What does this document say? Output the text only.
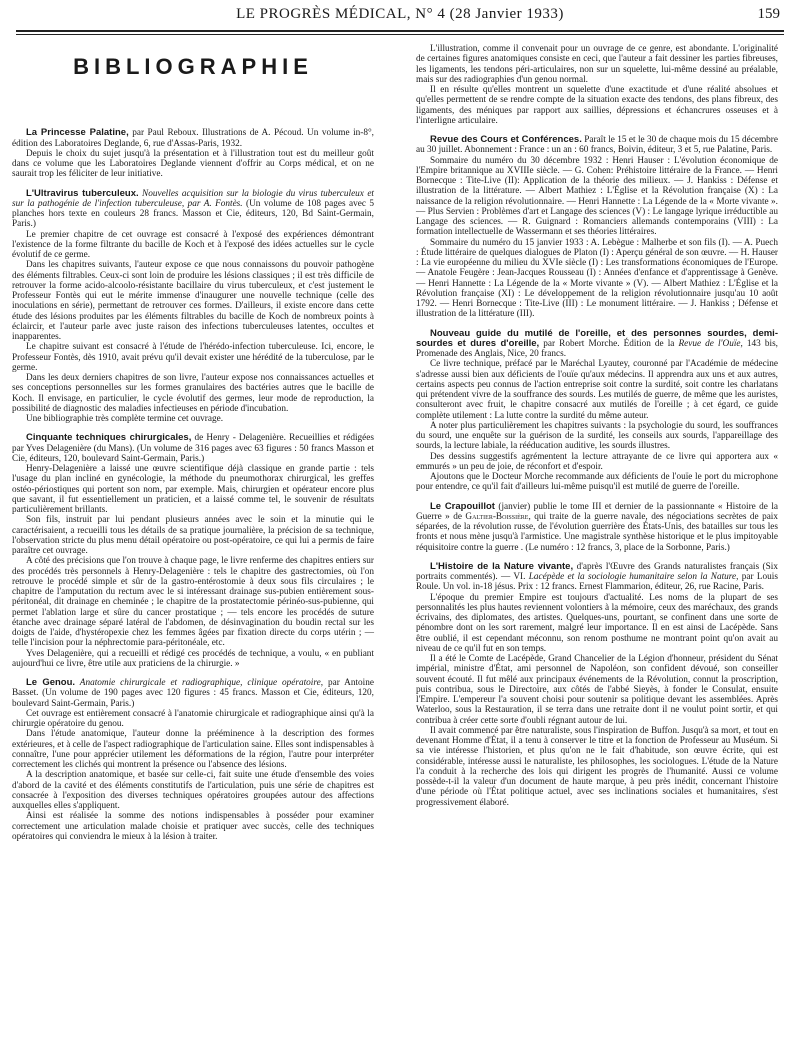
LE PROGRÈS MÉDICAL, N° 4 (28 Janvier 1933)	159
BIBLIOGRAPHIE

La Princesse Palatine, par Paul Reboux. Illustrations de A. Pécoud. Un volume in-8°, édition des Laboratoires Deglande, 6, rue d'Assas-Paris, 1932.

Depuis le choix du sujet jusqu'à la présentation et à l'illustration tout est du meilleur goût dans ce volume que les Laboratoires Deglande viennent d'offrir au Corps médical, et on ne saurait trop les féliciter de leur initiative.

L'Ultravirus tuberculeux. Nouvelles acquisition sur la biologie du virus tuberculeux et sur la pathogénie de l'infection tuberculeuse, par A. Fontès. (Un volume de 108 pages avec 5 planches hors texte en couleurs 28 francs. Masson et Cie, éditeurs, 120, Bd Saint-Germain, Paris.)

Le premier chapitre de cet ouvrage est consacré à l'exposé des expériences démontrant l'existence de la forme filtrante du bacille de Koch et à l'exposé des idées actuelles sur le cycle évolutif de ce germe.

Dans les chapitres suivants, l'auteur expose ce que nous connaissons du pouvoir pathogène des éléments filtrables. Ceux-ci sont loin de produire les lésions classiques ; il est très difficile de retrouver la forme acido-alcoolo-résistante bacillaire du virus tuberculeux, et c'est justement le Professeur Fontès qui eut le mérite immense d'inaugurer une nouvelle technique (celle des inoculations en série), permettant de retrouver ces formes. D'ailleurs, il existe encore dans cette étude des lésions produites par les éléments filtrables du bacille de Koch de nombreux points à éclaircir, et l'auteur parle avec juste raison des infections tuberculeuses latentes, occultes et inapparentes.

Le chapitre suivant est consacré à l'étude de l'hérédo-infection tuberculeuse. Ici, encore, le Professeur Fontès, dès 1910, avait prévu qu'il devait exister une hérédité de la tuberculose, par le germe.

Dans les deux derniers chapitres de son livre, l'auteur expose nos connaissances actuelles et ses conceptions personnelles sur les formes granulaires des bactéries autres que le bacille de Koch. Il envisage, en particulier, le cycle évolutif des germes, leur mode de reproduction, la possibilité de diagnostic des maladies infectieuses en période d'incubation.

Une bibliographie très complète termine cet ouvrage.

Cinquante techniques chirurgicales, de Henry - Delagenière. Recueillies et rédigées par Yves Delagenière (du Mans). (Un volume de 316 pages avec 63 figures : 50 francs Masson et Cie, éditeurs, 120, boulevard Saint-Germain, Paris.)

Henry-Delagenière a laissé une œuvre scientifique déjà classique en grande partie : tels l'usage du plan incliné en gynécologie, la méthode du pneumothorax chirurgical, les greffes ostéo-périostiques qui portent son nom, par exemple. Mais, chirurgien et opérateur encore plus que savant, il fut essentiellement un praticien, et a laissé comme tel, le souvenir de résultats particulièrement brillants.

Son fils, instruit par lui pendant plusieurs années avec le soin et la minutie qui le caractérisaient, a recueilli tous les détails de sa pratique journalière, la précision de sa technique, l'observation stricte du plus menu détail opératoire ou post-opératoire, ce qui lui a permis de faire paraître cet ouvrage.

A côté des précisions que l'on trouve à chaque page, le livre renferme des chapitres entiers sur des procédés très personnels à Henry-Delagenière : tels le chapitre des gastrectomies, où l'on retrouve le procédé simple et sûr de la gastro-entérostomie à deux sous fils circulaires ; le chapitre de l'amputation du rectum avec le si intéressant drainage sus-pubien entièrement sous-péritonéal, dit drainage en cheminée ; le chapitre de la prostatectomie périnéo-sus-pubienne, qui permet l'ablation large et sûre du cancer prostatique ; — tels encore les procédés de suture étanche avec drainage séparé latéral de l'abdomen, de désinvagination du boudin rectal sur les doigts de l'aide, d'hystéropexie chez les femmes âgées par fixation directe du corps utérin ; — telle l'incision pour la néphrectomie para-péritonéale, etc.

Yves Delagenière, qui a recueilli et rédigé ces procédés de technique, a voulu, « en publiant aujourd'hui ce livre, être utile aux praticiens de la chirurgie. »

Le Genou. Anatomie chirurgicale et radiographique, clinique opératoire, par Antoine Basset. (Un volume de 190 pages avec 120 figures : 45 francs. Masson et Cie, éditeurs, 120, boulevard Saint-Germain, Paris.)

Cet ouvrage est entièrement consacré à l'anatomie chirurgicale et radiographique ainsi qu'à la chirurgie opératoire du genou.

Dans l'étude anatomique, l'auteur donne la prééminence à la description des formes extérieures, et à celle de l'aspect radiographique de l'articulation saine. Elles sont indispensables à connaître, l'une pour apprécier utilement les déformations de la région, l'autre pour interpréter correctement les clichés qui montrent la présence ou l'absence des lésions.

A la description anatomique, et basée sur celle-ci, fait suite une étude d'ensemble des voies d'abord de la cavité et des éléments constitutifs de l'articulation, puis une série de chapitres est consacrée à l'exposition des diverses techniques opératoires groupées autour des affections auxquelles elles s'appliquent.

Ainsi est réalisée la somme des notions indispensables à posséder pour examiner correctement une articulation malade choisie et pratiquer avec succès, celle des techniques opératoires qui conviendra le mieux à la lésion à traiter.

L'illustration, comme il convenait pour un ouvrage de ce genre, est abondante. L'originalité de certaines figures anatomiques consiste en ceci, que l'auteur a fait dessiner les parties fibreuses, les ligaments, les tendons péri-articulaires, non sur un squelette, lui-même dessiné au préalable, mais sur des radiographies d'un genou normal.

Il en résulte qu'elles montrent un squelette d'une exactitude et d'une réalité absolues et qu'elles permettent de se rendre compte de la situation exacte des tendons, des plans fibreux, des ligaments, des méniques par rapport aux saillies, dépressions et échancrures osseuses et à l'interligne articulaire.

Revue des Cours et Conférences. Paraît le 15 et le 30 de chaque mois du 15 décembre au 30 juillet. Abonnement : France : un an : 60 francs, Boivin, éditeur, 3 et 5, rue Palatine, Paris.

Sommaire du numéro du 30 décembre 1932 : Henri Hauser : L'évolution économique de l'Empire britannique au XVIIIe siècle. — G. Cohen: Préhistoire littéraire de la France. — Henri Bornecque : Tite-Live (II): Application de la théorie des milieux. — J. Hankiss : Défense et illustration de la littérature. — Albert Mathiez : L'Église et la Révolution française (X) : La naissance de la religion révolutionnaire. — Henri Hannette : La Légende de la « Morte vivante ». — Plus Servien : Problèmes d'art et Langage des sciences (V) : Le langage lyrique irréductible au Langage des sciences. — R. Guignard : Romanciers allemands contemporains (VIII) : La formation intellectuelle de Wassermann et ses théories littéraires.

Sommaire du numéro du 15 janvier 1933 : A. Lebègue : Malherbe et son fils (I). — A. Puech : Étude littéraire de quelques dialogues de Platon (I) : Aperçu général de son œuvre. — H. Hauser : La vie européenne du milieu du XVIe siècle (I) : Les transformations économiques de l'Europe. — Anatole Feugère : Jean-Jacques Rousseau (I) : Années d'enfance et d'apprentissage à Genève. — Henri Hannette : La Légende de la « Morte vivante » (V). — Albert Mathiez : L'Église et la Révolution française (XI) : Le développement de la religion révolutionnaire jusqu'au 10 août 1792. — Henri Bornecque : Tite-Live (III) : Le monument littéraire. — J. Hankiss ; Défense et illustration de la littérature (III).

Nouveau guide du mutilé de l'oreille, et des personnes sourdes, demi-sourdes et dures d'oreille, par Robert Morche. Édition de la Revue de l'Ouïe, 143 bis, Promenade des Anglais, Nice, 20 francs.

Ce livre technique, préfacé par le Maréchal Lyautey, couronné par l'Académie de médecine s'adresse aussi bien aux déficients de l'ouïe qu'aux médecins. Il apprendra aux uns et aux autres, certains aspects peu connus de l'action entreprise soit contre la surdité, soit contre les charlatans qui prétendent vivre de la souffrance des sourds. Les mutilés de guerre, de même que les auristes, consulteront avec fruit, le chapitre consacré aux mutilés de l'oreille ; à cet égard, ce guide complète utilement : La lutte contre la surdité du même auteur.

A noter plus particulièrement les chapitres suivants : la psychologie du sourd, les souffrances du sourd, une enquête sur la guérison de la surdité, les conseils aux sourds, l'appareillage des sourds, la lecture labiale, la rééducation auditive, les sourds illustres.

Des dessins suggestifs agrémentent la lecture attrayante de ce livre qui apportera aux « emmurés » un peu de joie, de réconfort et d'espoir.

Ajoutons que le Docteur Morche recommande aux déficients de l'ouïe le port du microphone pour entendre, ce qu'il fait d'ailleurs lui-même puisqu'il est mutilé de guerre de l'oreille.

Le Crapouillot (janvier) publie le tome III et dernier de la passionnante « Histoire de la Guerre » de Galtier-Boissière, qui traite de la guerre navale, des négociations secrètes de paix séparées, de la révolution russe, de l'évolution guerrière des États-Unis, des batailles sur tous les fronts et nous mène jusqu'à l'armistice. Une magistrale synthèse historique et le plus impitoyable réquisitoire contre la guerre . (Le numéro : 12 francs, 3, place de la Sorbonne, Paris.)

L'Histoire de la Nature vivante, d'après l'Œuvre des Grands naturalistes français (Six portraits commentés). — VI. Lacépède et la sociologie humanitaire selon la Nature, par Louis Roule. Un vol. in-18 jésus. Prix : 12 francs. Ernest Flammarion, éditeur, 26, rue Racine, Paris.

L'époque du premier Empire est toujours d'actualité. Les noms de la plupart de ses personnalités les plus hautes reviennent volontiers à la mémoire, ceux des maréchaux, des grands écrivains, des diplomates, des artistes. Quelques-uns, pourtant, se confinent dans une sorte de pénombre dont on les sort rarement, malgré leur importance. Il en est ainsi de Lacépède. Sans être oublié, il est cependant méconnu, son renom posthume ne montrant point qu'on avait au niveau de ce qu'il fut en son temps.

Il a été le Comte de Lacépède, Grand Chancelier de la Légion d'honneur, président du Sénat impérial, ministre d'État, ami personnel de Napoléon, son confident dévoué, son conseiller souvent écouté. Il fut mêlé aux principaux événements de la Révolution, connut la proscription, puis contribua, sous le Directoire, aux côtés de l'abbé Sieyès, à fonder le Consulat, ensuite l'Empire. L'empereur l'a souvent choisi pour soutenir sa politique devant les assemblées. Après Waterloo, sous la Restauration, il se terra dans une retraite dont il ne voulut point sortir, et qui contribua à créer cette sorte d'oubli régnant autour de lui.

Il avait commencé par être naturaliste, sous l'inspiration de Buffon. Jusqu'à sa mort, et tout en devenant Homme d'État, il a tenu à conserver le titre et la fonction de Professeur au Muséum. Si sa vie intéresse l'historien, et plus qu'on ne le fait d'habitude, son œuvre écrite, qui est considérable, intéresse aussi le naturaliste, les philosophes, les sociologues. L'étude de la Nature l'a conduit à la recherche des lois qui dirigent les progrès de l'humanité. Aussi ce volume possède-t-il la valeur d'un document de haute marque, à peu près inédit, concernant l'histoire d'une période où l'État politique actuel, avec ses inclinations sociales et humanitaires, s'est progressivement élaboré.
